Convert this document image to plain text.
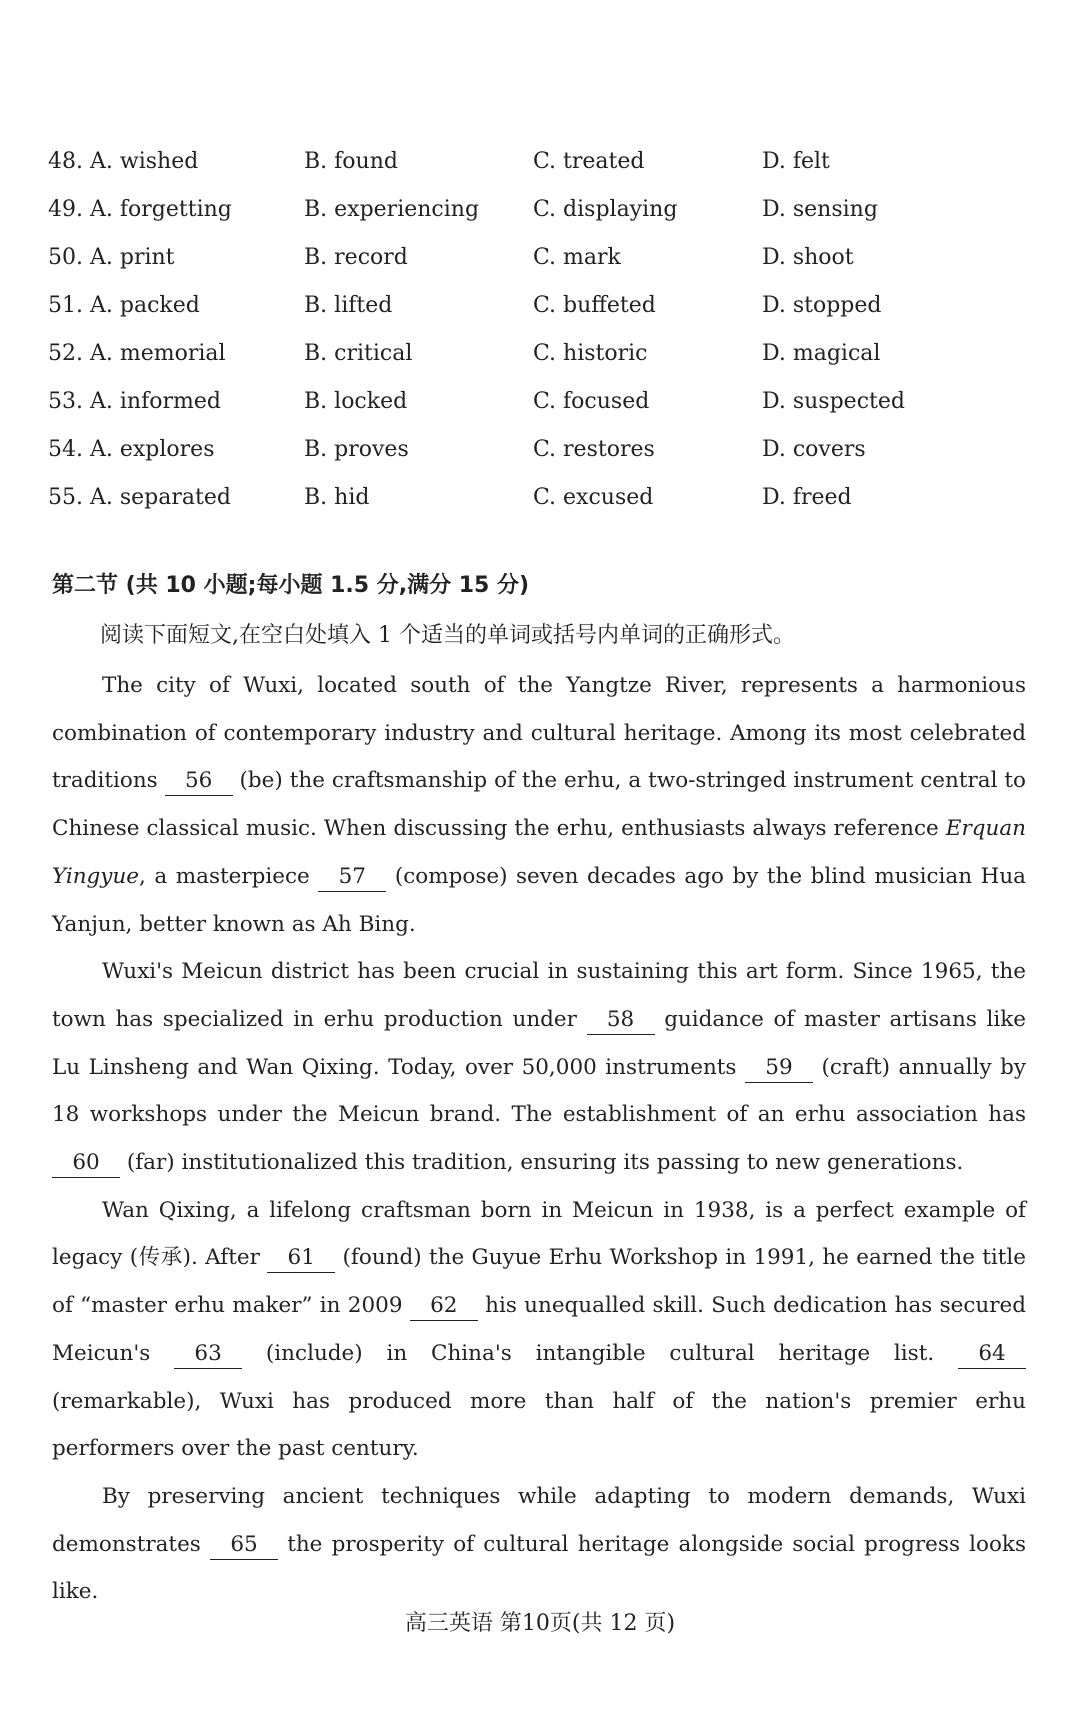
48. A. wished	B. found	C. treated	D. felt
49. A. forgetting	B. experiencing C. displaying	D. sensing
50. A. print	B. record	C. mark	D. shoot
51. A. packed	B. lifted	C. buffeted	D. stopped
52. A. memorial	B. critical	C. historic	D. magical
53. A. informed	B. locked	C. focused	D. suspected
54. A. explores	B. proves	C. restores	D. covers
55. A. separated	B. hid	C. excused	D. freed
第二节 (共 10 小题;每小题 1.5 分,满分 15 分)
阅读下面短文,在空白处填入 1 个适当的单词或括号内单词的正确形式。

The city of Wuxi, located south of the Yangtze River, represents a harmonious combination of contemporary industry and cultural heritage. Among its most celebrated traditions 56 (be) the craftsmanship of the erhu, a two-stringed instrument central to Chinese classical music. When discussing the erhu, enthusiasts always reference Erquan Yingyue, a masterpiece 57 (compose) seven decades ago by the blind musician Hua Yanjun, better known as Ah Bing.

Wuxi's Meicun district has been crucial in sustaining this art form. Since 1965, the town has specialized in erhu production under 58 guidance of master artisans like Lu Linsheng and Wan Qixing. Today, over 50,000 instruments 59 (craft) annually by 18 workshops under the Meicun brand. The establishment of an erhu association has 60 (far) institutionalized this tradition, ensuring its passing to new generations.

Wan Qixing, a lifelong craftsman born in Meicun in 1938, is a perfect example of legacy (传承). After 61 (found) the Guyue Erhu Workshop in 1991, he earned the title of “master erhu maker” in 2009 62 his unequalled skill. Such dedication has secured Meicun's 63 (include) in China's intangible cultural heritage list. 64 (remarkable), Wuxi has produced more than half of the nation's premier erhu performers over the past century.

By preserving ancient techniques while adapting to modern demands, Wuxi demonstrates 65 the prosperity of cultural heritage alongside social progress looks like.

高三英语 第10页(共 12 页)
